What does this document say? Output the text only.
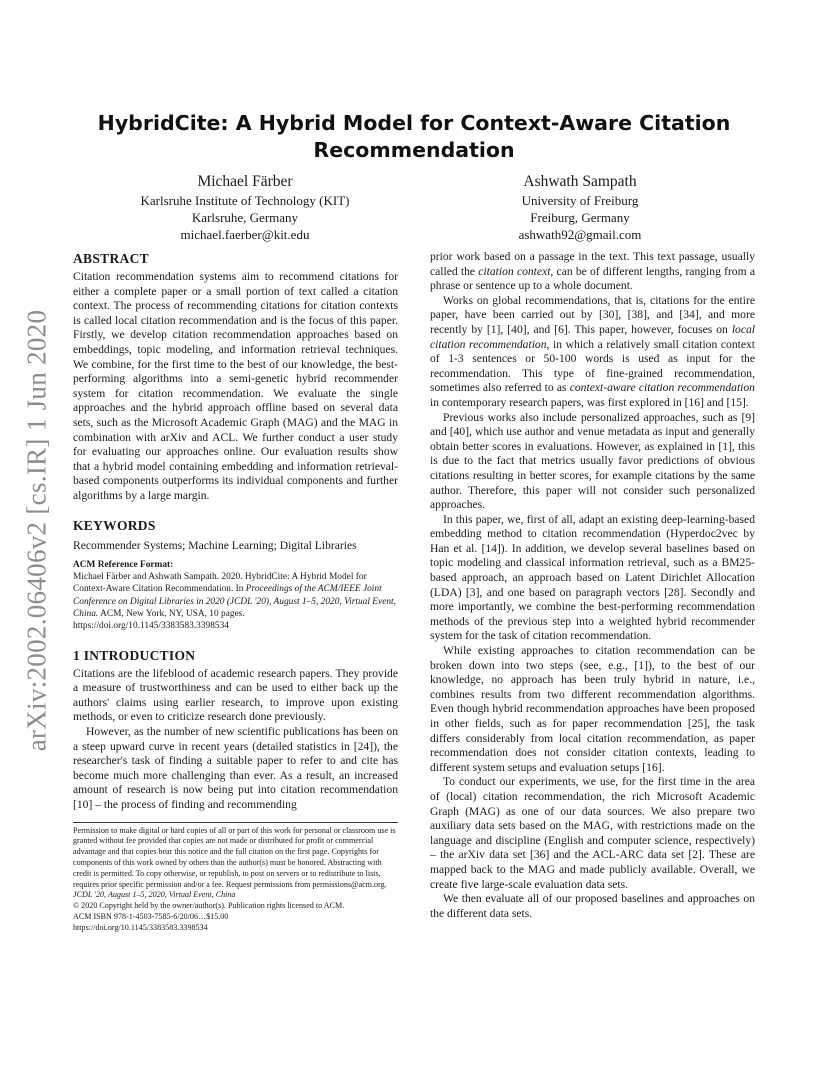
arXiv:2002.06406v2 [cs.IR] 1 Jun 2020
HybridCite: A Hybrid Model for Context-Aware Citation Recommendation
Michael Färber
Karlsruhe Institute of Technology (KIT)
Karlsruhe, Germany
michael.faerber@kit.edu
Ashwath Sampath
University of Freiburg
Freiburg, Germany
ashwath92@gmail.com
ABSTRACT

Citation recommendation systems aim to recommend citations for either a complete paper or a small portion of text called a citation context. The process of recommending citations for citation contexts is called local citation recommendation and is the focus of this paper. Firstly, we develop citation recommendation approaches based on embeddings, topic modeling, and information retrieval techniques. We combine, for the first time to the best of our knowledge, the best-performing algorithms into a semi-genetic hybrid recommender system for citation recommendation. We evaluate the single approaches and the hybrid approach offline based on several data sets, such as the Microsoft Academic Graph (MAG) and the MAG in combination with arXiv and ACL. We further conduct a user study for evaluating our approaches online. Our evaluation results show that a hybrid model containing embedding and information retrieval-based components outperforms its individual components and further algorithms by a large margin.

KEYWORDS

Recommender Systems; Machine Learning; Digital Libraries

ACM Reference Format:

Michael Färber and Ashwath Sampath. 2020. HybridCite: A Hybrid Model for Context-Aware Citation Recommendation. In Proceedings of the ACM/IEEE Joint Conference on Digital Libraries in 2020 (JCDL '20), August 1–5, 2020, Virtual Event, China. ACM, New York, NY, USA, 10 pages. https://doi.org/10.1145/3383583.3398534

1 INTRODUCTION

Citations are the lifeblood of academic research papers. They provide a measure of trustworthiness and can be used to either back up the authors' claims using earlier research, to improve upon existing methods, or even to criticize research done previously.

However, as the number of new scientific publications has been on a steep upward curve in recent years (detailed statistics in [24]), the researcher's task of finding a suitable paper to refer to and cite has become much more challenging than ever. As a result, an increased amount of research is now being put into citation recommendation [10] – the process of finding and recommending

Permission to make digital or hard copies of all or part of this work for personal or classroom use is granted without fee provided that copies are not made or distributed for profit or commercial advantage and that copies bear this notice and the full citation on the first page. Copyrights for components of this work owned by others than the author(s) must be honored. Abstracting with credit is permitted. To copy otherwise, or republish, to post on servers or to redistribute to lists, requires prior specific permission and/or a fee. Request permissions from permissions@acm.org.

JCDL '20, August 1–5, 2020, Virtual Event, China

© 2020 Copyright held by the owner/author(s). Publication rights licensed to ACM.

ACM ISBN 978-1-4503-7585-6/20/06…$15.00

https://doi.org/10.1145/3383583.3398534

prior work based on a passage in the text. This text passage, usually called the citation context, can be of different lengths, ranging from a phrase or sentence up to a whole document.

Works on global recommendations, that is, citations for the entire paper, have been carried out by [30], [38], and [34], and more recently by [1], [40], and [6]. This paper, however, focuses on local citation recommendation, in which a relatively small citation context of 1-3 sentences or 50-100 words is used as input for the recommendation. This type of fine-grained recommendation, sometimes also referred to as context-aware citation recommendation in contemporary research papers, was first explored in [16] and [15].

Previous works also include personalized approaches, such as [9] and [40], which use author and venue metadata as input and generally obtain better scores in evaluations. However, as explained in [1], this is due to the fact that metrics usually favor predictions of obvious citations resulting in better scores, for example citations by the same author. Therefore, this paper will not consider such personalized approaches.

In this paper, we, first of all, adapt an existing deep-learning-based embedding method to citation recommendation (Hyperdoc2vec by Han et al. [14]). In addition, we develop several baselines based on topic modeling and classical information retrieval, such as a BM25-based approach, an approach based on Latent Dirichlet Allocation (LDA) [3], and one based on paragraph vectors [28]. Secondly and more importantly, we combine the best-performing recommendation methods of the previous step into a weighted hybrid recommender system for the task of citation recommendation.

While existing approaches to citation recommendation can be broken down into two steps (see, e.g., [1]), to the best of our knowledge, no approach has been truly hybrid in nature, i.e., combines results from two different recommendation algorithms. Even though hybrid recommendation approaches have been proposed in other fields, such as for paper recommendation [25], the task differs considerably from local citation recommendation, as paper recommendation does not consider citation contexts, leading to different system setups and evaluation setups [16].

To conduct our experiments, we use, for the first time in the area of (local) citation recommendation, the rich Microsoft Academic Graph (MAG) as one of our data sources. We also prepare two auxiliary data sets based on the MAG, with restrictions made on the language and discipline (English and computer science, respectively) – the arXiv data set [36] and the ACL-ARC data set [2]. These are mapped back to the MAG and made publicly available. Overall, we create five large-scale evaluation data sets.

We then evaluate all of our proposed baselines and approaches on the different data sets.
